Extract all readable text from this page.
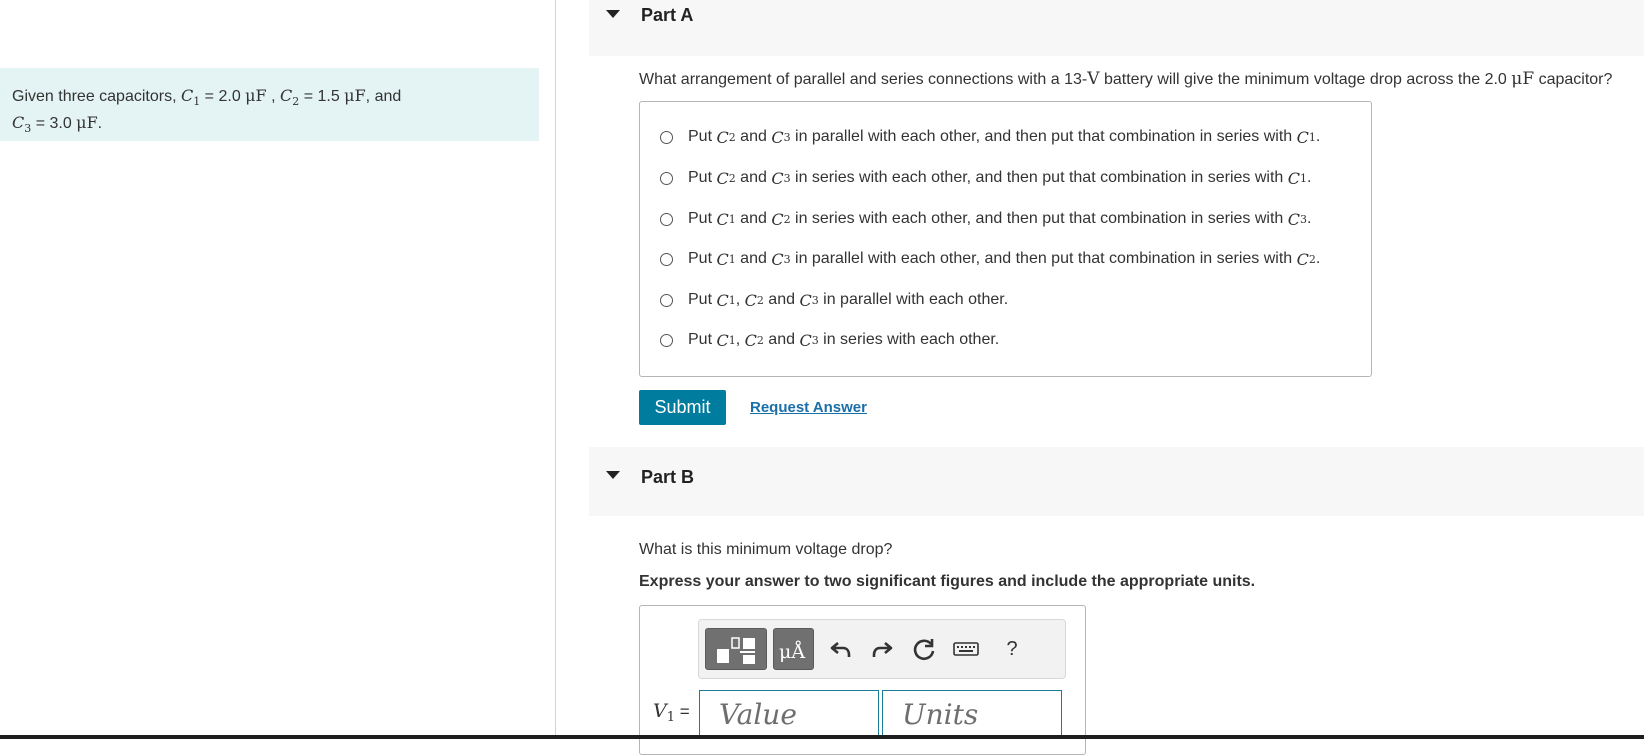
Given three capacitors, $C_1 = 2.0$ μF , $C_2 = 1.5$ μF, and
$C_3 = 3.0$ μF.
Part A
What arrangement of parallel and series connections with a 13-V battery will give the minimum voltage drop across the 2.0 μF capacitor?
Put
C 2 and C 3 in parallel with each other, and then put that combination in series with C 1 .
Put
C 2 and C 3 in series with each other, and then put that combination in series with C 1 .
Put
C 1 and C 2 in series with each other, and then put that combination in series with C 3 .
Put
C 1 and C 3 in parallel with each other, and then put that combination in series with C 2 .
Put
C 1 , C 2 and C 3 in parallel with each other.
Put
C 1 , C 2 and C 3 in series with each other.
Submit	Request Answer
Part B
What is this minimum voltage drop?
Express your answer to two significant figures and include the appropriate units.
μÅ	?
$V_1$ =	Value	Units
